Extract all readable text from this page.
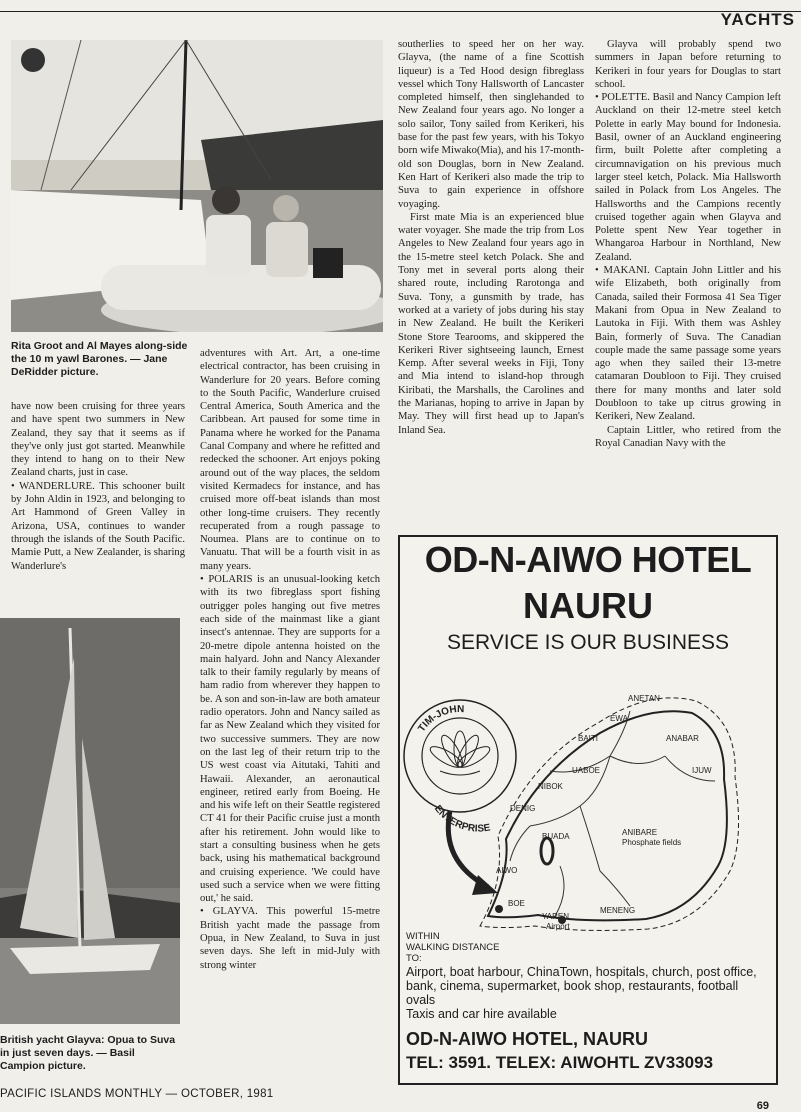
YACHTS
Rita Groot and Al Mayes along-side the 10 m yawl Barones. — Jane DeRidder picture.

have now been cruising for three years and have spent two summers in New Zealand, they say that it seems as if they've only just got started. Meanwhile they intend to hang on to their New Zealand charts, just in case.

• WANDERLURE. This schooner built by John Aldin in 1923, and belonging to Art Hammond of Green Valley in Arizona, USA, continues to wander through the islands of the South Pacific. Mamie Putt, a New Zealander, is sharing Wanderlure's

British yacht Glayva: Opua to Suva in just seven days. — Basil Campion picture.

adventures with Art. Art, a one-time electrical contractor, has been cruising in Wanderlure for 20 years. Before coming to the South Pacific, Wanderlure cruised Central America, South America and the Caribbean. Art paused for some time in Panama where he worked for the Panama Canal Company and where he refitted and redecked the schooner. Art enjoys poking around out of the way places, the seldom visited Kermadecs for instance, and has cruised more off-beat islands than most other long-time cruisers. They recently recuperated from a rough passage to Noumea. Plans are to continue on to Vanuatu. That will be a fourth visit in as many years.

• POLARIS is an unusual-looking ketch with its two fibreglass sport fishing outrigger poles hanging out five metres each side of the mainmast like a giant insect's antennae. They are supports for a 20-metre dipole antenna hoisted on the main halyard. John and Nancy Alexander talk to their family regularly by means of ham radio from wherever they happen to be. A son and son-in-law are both amateur radio operators. John and Nancy sailed as far as New Zealand which they visited for two successive summers. They are now on the last leg of their return trip to the US west coast via Aitutaki, Tahiti and Hawaii. Alexander, an aeronautical engineer, retired early from Boeing. He and his wife left on their Seattle registered CT 41 for their Pacific cruise just a month after his retirement. John would like to start a consulting business when he gets back, using his mathematical background and cruising experience. 'We could have used such a service when we were fitting out,' he said.

• GLAYVA. This powerful 15-metre British yacht made the passage from Opua, in New Zealand, to Suva in just seven days. She left in mid-July with strong winter

southerlies to speed her on her way. Glayva, (the name of a fine Scottish liqueur) is a Ted Hood design fibreglass vessel which Tony Hallsworth of Lancaster completed himself, then singlehanded to New Zealand four years ago. No longer a solo sailor, Tony sailed from Kerikeri, his base for the past few years, with his Tokyo born wife Miwako(Mia), and his 17-month-old son Douglas, born in New Zealand. Ken Hart of Kerikeri also made the trip to Suva to gain experience in offshore voyaging.

First mate Mia is an experienced blue water voyager. She made the trip from Los Angeles to New Zealand four years ago in the 15-metre steel ketch Polack. She and Tony met in several ports along their shared route, including Rarotonga and Suva. Tony, a gunsmith by trade, has worked at a variety of jobs during his stay in New Zealand. He built the Kerikeri Stone Store Tearooms, and skippered the Kerikeri River sightseeing launch, Ernest Kemp. After several weeks in Fiji, Tony and Mia intend to island-hop through Kiribati, the Marshalls, the Carolines and the Marianas, hoping to arrive in Japan by May. They will first head up to Japan's Inland Sea.

Glayva will probably spend two summers in Japan before returning to Kerikeri in four years for Douglas to start school.

• POLETTE. Basil and Nancy Campion left Auckland on their 12-metre steel ketch Polette in early May bound for Indonesia. Basil, owner of an Auckland engineering firm, built Polette after completing a circumnavigation on his previous much larger steel ketch, Polack. Mia Hallsworth sailed in Polack from Los Angeles. The Hallsworths and the Campions recently cruised together again when Glayva and Polette spent New Year together in Whangaroa Harbour in Northland, New Zealand.

• MAKANI. Captain John Littler and his wife Elizabeth, both originally from Canada, sailed their Formosa 41 Sea Tiger Makani from Opua in New Zealand to Lautoka in Fiji. With them was Ashley Bain, formerly of Suva. The Canadian couple made the same passage some years ago when they sailed their 13-metre catamaran Doubloon to Fiji. They cruised there for many months and later sold Doubloon to take up citrus growing in Kerikeri, New Zealand.

Captain Littler, who retired from the Royal Canadian Navy with the

OD-N-AIWO HOTEL
NAURU
SERVICE IS OUR BUSINESS
TIM-JOHN
ENTERPRISE
ANETAN
EWA
BAITI	ANABAR
UABOE	IJUW
NIBOK
DENIG
BUADA	ANIBARE
Phosphate fields
AIWO
BOE
YAREN
Airport
MENENG
WITHIN
WALKING DISTANCE
TO:
Airport, boat harbour, ChinaTown, hospitals, church, post office, bank, cinema, supermarket, book shop, restaurants, football ovals
Taxis and car hire available
OD-N-AIWO HOTEL, NAURU
TEL: 3591. TELEX: AIWOHTL ZV33093
PACIFIC ISLANDS MONTHLY — OCTOBER, 1981
69
